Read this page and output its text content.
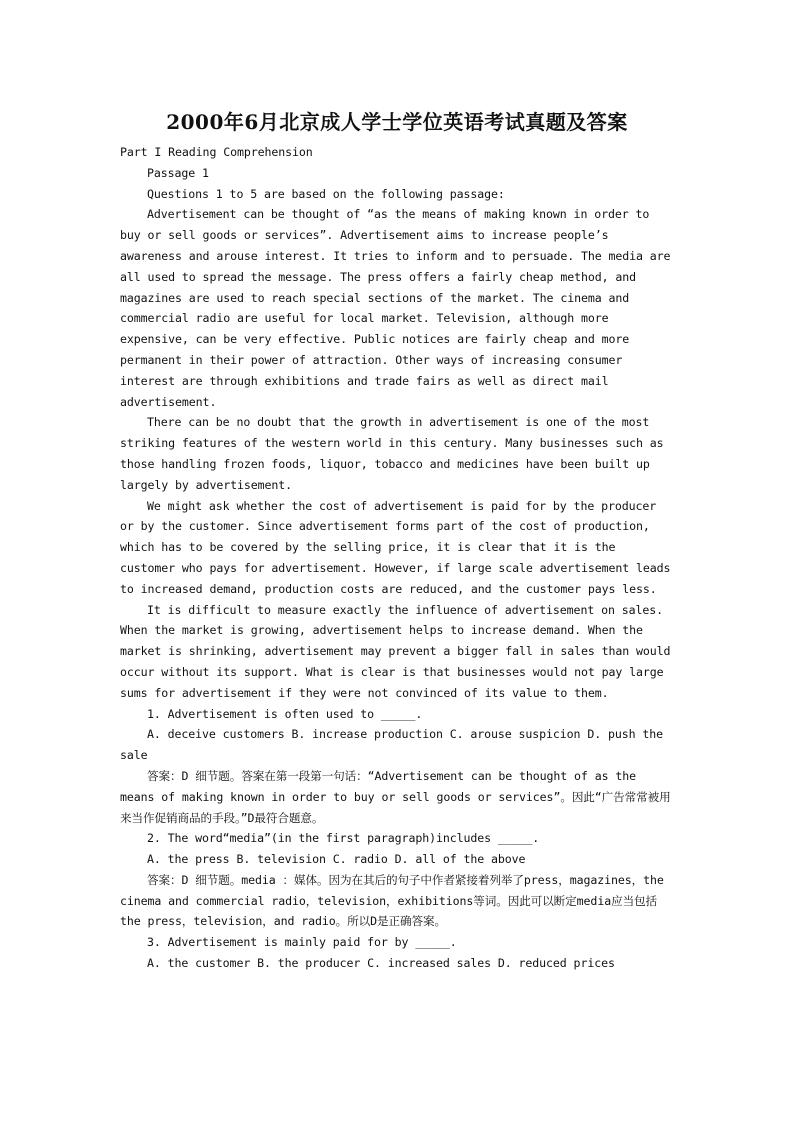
2000年6月北京成人学士学位英语考试真题及答案

Part I Reading Comprehension

Passage 1

Questions 1 to 5 are based on the following passage:

Advertisement can be thought of “as the means of making known in order to buy or sell goods or services”. Advertisement aims to increase people’s awareness and arouse interest. It tries to inform and to persuade. The media are all used to spread the message. The press offers a fairly cheap method, and magazines are used to reach special sections of the market. The cinema and commercial radio are useful for local market. Television, although more expensive, can be very effective. Public notices are fairly cheap and more permanent in their power of attraction. Other ways of increasing consumer interest are through exhibitions and trade fairs as well as direct mail advertisement.

There can be no doubt that the growth in advertisement is one of the most striking features of the western world in this century. Many businesses such as those handling frozen foods, liquor, tobacco and medicines have been built up largely by advertisement.

We might ask whether the cost of advertisement is paid for by the producer or by the customer. Since advertisement forms part of the cost of production, which has to be covered by the selling price, it is clear that it is the customer who pays for advertisement. However, if large scale advertisement leads to increased demand, production costs are reduced, and the customer pays less.

It is difficult to measure exactly the influence of advertisement on sales. When the market is growing, advertisement helps to increase demand. When the market is shrinking, advertisement may prevent a bigger fall in sales than would occur without its support. What is clear is that businesses would not pay large sums for advertisement if they were not convinced of its value to them.

1. Advertisement is often used to _____.

A. deceive customers B. increase production C. arouse suspicion D. push the sale

答案：D 细节题。答案在第一段第一句话：“Advertisement can be thought of as the means of making known in order to buy or sell goods or services”。因此“广告常常被用来当作促销商品的手段。”D最符合题意。

2. The word“media”(in the first paragraph)includes _____.

A. the press B. television C. radio D. all of the above

答案：D 细节题。media ：媒体。因为在其后的句子中作者紧接着列举了press，magazines，the cinema and commercial radio，television，exhibitions等词。因此可以断定media应当包括the press，television，and radio。所以D是正确答案。

3. Advertisement is mainly paid for by _____.

A. the customer B. the producer C. increased sales D. reduced prices
